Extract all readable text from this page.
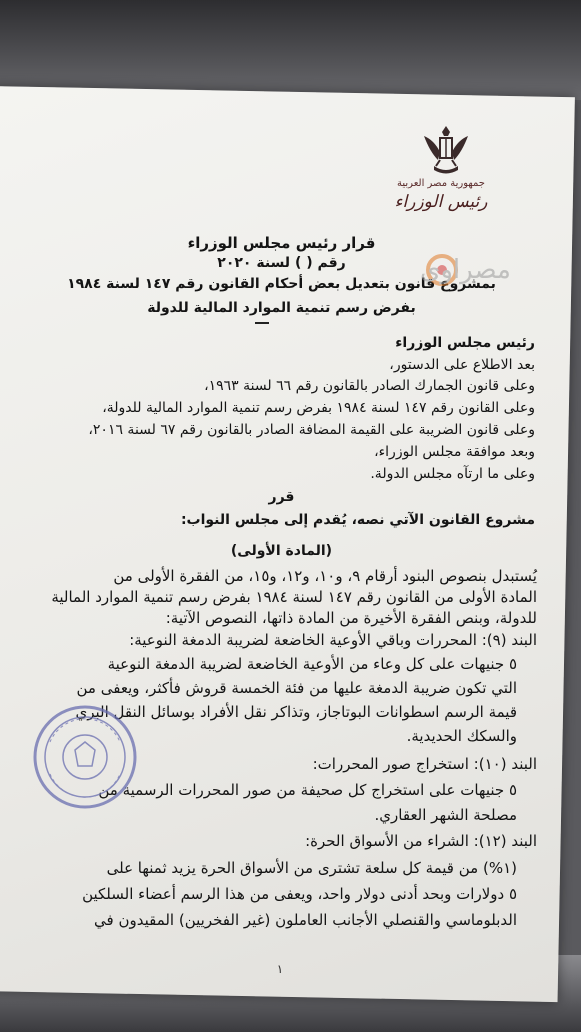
جمهورية مصر العربية
رئيس الوزراء
قرار رئيس مجلس الوزراء
رقم ( ) لسنة ٢٠٢٠
بمشروع قانون بتعديل بعض أحكام القانون رقم ١٤٧ لسنة ١٩٨٤
بفرض رسم تنمية الموارد المالية للدولة
مصراوي
رئيس مجلس الوزراء
بعد الاطلاع على الدستور،
وعلى قانون الجمارك الصادر بالقانون رقم ٦٦ لسنة ١٩٦٣،
وعلى القانون رقم ١٤٧ لسنة ١٩٨٤ بفرض رسم تنمية الموارد المالية للدولة،
وعلى قانون الضريبة على القيمة المضافة الصادر بالقانون رقم ٦٧ لسنة ٢٠١٦،
وبعد موافقة مجلس الوزراء،
وعلى ما ارتآه مجلس الدولة.
قرر
مشروع القانون الآتي نصه، يُقدم إلى مجلس النواب:
(المادة الأولى)
يُستبدل بنصوص البنود أرقام ٩، و١٠، و١٢، و١٥، من الفقرة الأولى من
المادة الأولى من القانون رقم ١٤٧ لسنة ١٩٨٤ بفرض رسم تنمية الموارد المالية
للدولة، وبنص الفقرة الأخيرة من المادة ذاتها، النصوص الآتية:
البند (٩): المحررات وباقي الأوعية الخاضعة لضريبة الدمغة النوعية:
٥ جنيهات على كل وعاء من الأوعية الخاضعة لضريبة الدمغة النوعية
التي تكون ضريبة الدمغة عليها من فئة الخمسة قروش فأكثر، ويعفى من
قيمة الرسم اسطوانات البوتاجاز، وتذاكر نقل الأفراد بوسائل النقل البري
والسكك الحديدية.
البند (١٠): استخراج صور المحررات:
٥ جنيهات على استخراج كل صحيفة من صور المحررات الرسمية من
مصلحة الشهر العقاري.
البند (١٢): الشراء من الأسواق الحرة:
(١%) من قيمة كل سلعة تشترى من الأسواق الحرة يزيد ثمنها على
٥ دولارات وبحد أدنى دولار واحد، ويعفى من هذا الرسم أعضاء السلكين
الدبلوماسي والقنصلي الأجانب العاملون (غير الفخريين) المقيدون في
١
